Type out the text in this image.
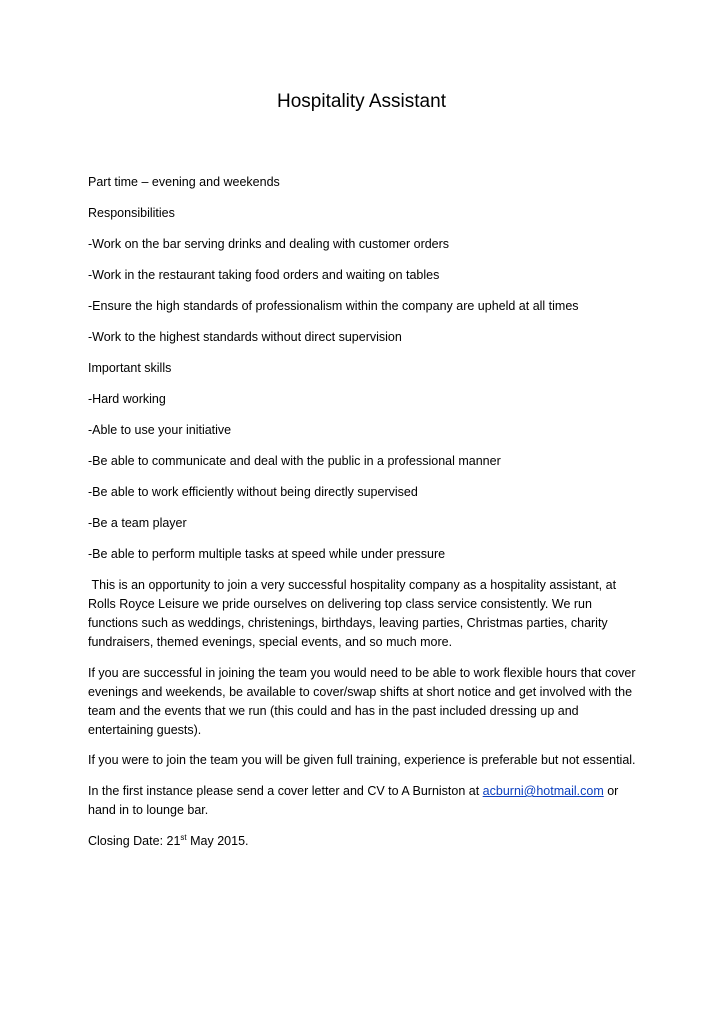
Hospitality Assistant

Part time – evening and weekends

Responsibilities

-Work on the bar serving drinks and dealing with customer orders

-Work in the restaurant taking food orders and waiting on tables

-Ensure the high standards of professionalism within the company are upheld at all times

-Work to the highest standards without direct supervision

Important skills

-Hard working

-Able to use your initiative

-Be able to communicate and deal with the public in a professional manner

-Be able to work efficiently without being directly supervised

-Be a team player

-Be able to perform multiple tasks at speed while under pressure

This is an opportunity to join a very successful hospitality company as a hospitality assistant, at Rolls Royce Leisure we pride ourselves on delivering top class service consistently. We run functions such as weddings, christenings, birthdays, leaving parties, Christmas parties, charity fundraisers, themed evenings, special events, and so much more.

If you are successful in joining the team you would need to be able to work flexible hours that cover evenings and weekends, be available to cover/swap shifts at short notice and get involved with the team and the events that we run (this could and has in the past included dressing up and entertaining guests).

If you were to join the team you will be given full training, experience is preferable but not essential.

In the first instance please send a cover letter and CV to A Burniston at acburni@hotmail.com or hand in to lounge bar.

Closing Date: 21st May 2015.
